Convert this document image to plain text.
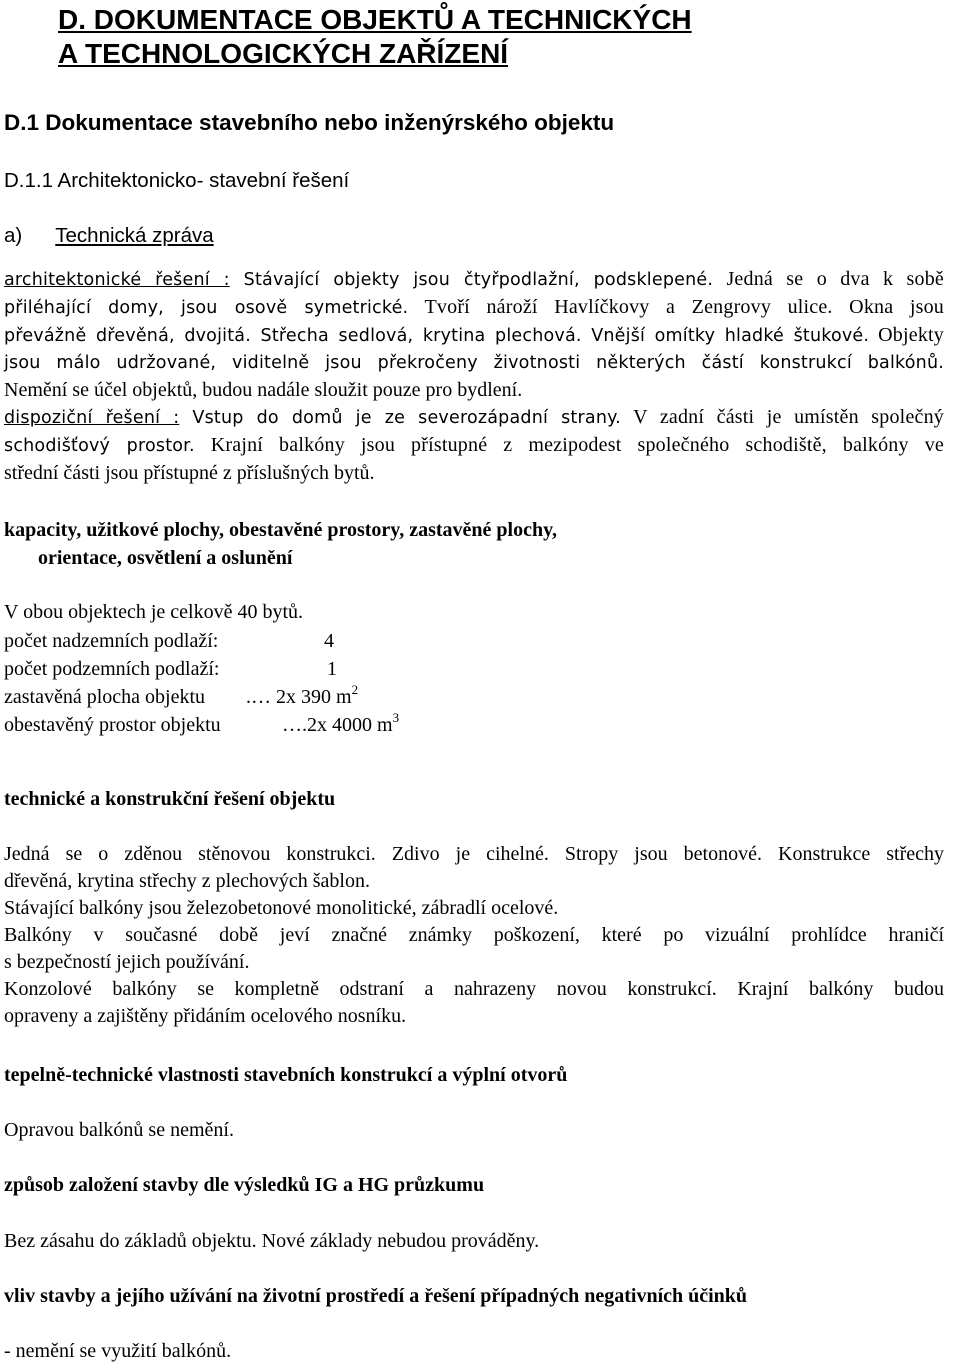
D. DOKUMENTACE OBJEKTŮ A TECHNICKÝCH
A TECHNOLOGICKÝCH ZAŘÍZENÍ
D.1 Dokumentace stavebního nebo inženýrského objektu
D.1.1 Architektonicko- stavební řešení
a) Technická zpráva
architektonické řešení : Stávající objekty jsou čtyřpodlažní, podsklepené. Jedná se o dva k sobě
přiléhající domy, jsou osově symetrické. Tvoří nároží Havlíčkovy a Zengrovy ulice. Okna jsou
převážně dřevěná, dvojitá. Střecha sedlová, krytina plechová. Vnější omítky hladké štukové. Objekty
jsou málo udržované, viditelně jsou překročeny životnosti některých částí konstrukcí balkónů.
Nemění se účel objektů, budou nadále sloužit pouze pro bydlení.
dispoziční řešení : Vstup do domů je ze severozápadní strany. V zadní části je umístěn společný
schodišťový prostor. Krajní balkóny jsou přístupné z mezipodest společného schodiště, balkóny ve
střední části jsou přístupné z příslušných bytů.
kapacity, užitkové plochy, obestavěné prostory, zastavěné plochy,
orientace, osvětlení a oslunění
V obou objektech je celkově 40 bytů.
počet nadzemních podlaží:	4
počet podzemních podlaží:	1
zastavěná plocha objektu .… 2x 390 $m^2$
obestavěný prostor objektu	….2x 4000 $m^3$
technické a konstrukční řešení objektu
Jedná se o zděnou stěnovou konstrukci. Zdivo je cihelné. Stropy jsou betonové. Konstrukce střechy
dřevěná, krytina střechy z plechových šablon.
Stávající balkóny jsou železobetonové monolitické, zábradlí ocelové.
Balkóny v současné době jeví značné známky poškození, které po vizuální prohlídce hraničí
s bezpečností jejich používání.
Konzolové balkóny se kompletně odstraní a nahrazeny novou konstrukcí. Krajní balkóny budou
opraveny a zajištěny přidáním ocelového nosníku.
tepelně-technické vlastnosti stavebních konstrukcí a výplní otvorů
Opravou balkónů se nemění.
způsob založení stavby dle výsledků IG a HG průzkumu
Bez zásahu do základů objektu. Nové základy nebudou prováděny.
vliv stavby a jejího užívání na životní prostředí a řešení případných negativních účinků
- nemění se využití balkónů.
